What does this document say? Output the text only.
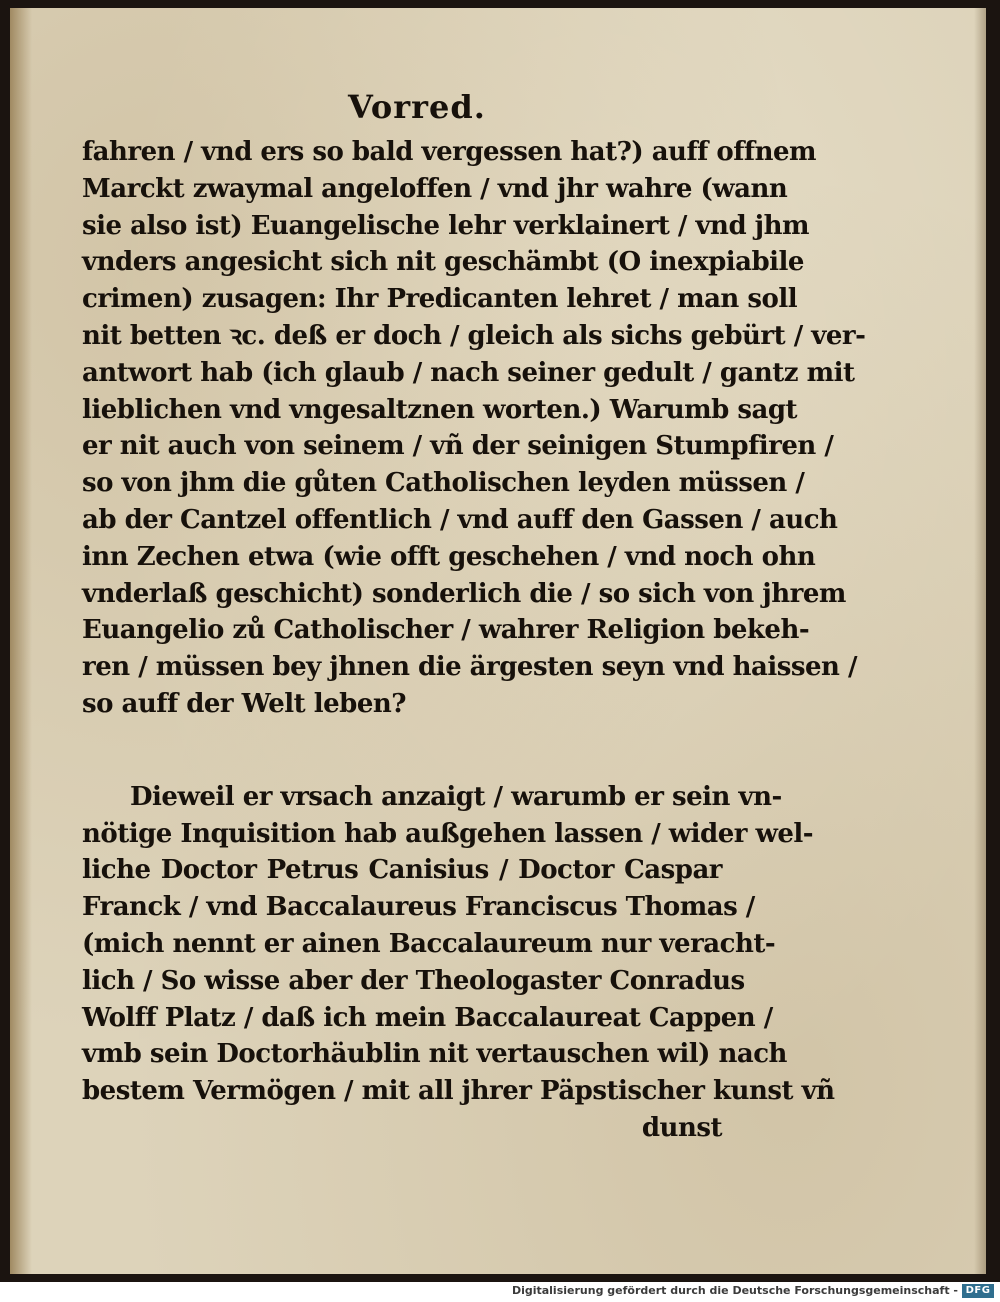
Vorred.
fahren / vnd ers so bald vergessen hat?) auff offnem
Marckt zwaymal angeloffen / vnd jhr wahre (wann
sie also ist) Euangelische lehr verklainert / vnd jhm
vnders angesicht sich nit geschämbt (O inexpiabile
crimen) zusagen: Ihr Predicanten lehret / man soll
nit betten ꝛc. deß er doch / gleich als sichs gebürt / ver-
antwort hab (ich glaub / nach seiner gedult / gantz mit
lieblichen vnd vngesaltznen worten.) Warumb sagt
er nit auch von seinem / vñ der seinigen Stumpfiren /
so von jhm die gůten Catholischen leyden müssen /
ab der Cantzel offentlich / vnd auff den Gassen / auch
inn Zechen etwa (wie offt geschehen / vnd noch ohn
vnderlaß geschicht) sonderlich die / so sich von jhrem
Euangelio zů Catholischer / wahrer Religion bekeh-
ren / müssen bey jhnen die ärgesten seyn vnd haissen /
so auff der Welt leben?
Dieweil er vrsach anzaigt / warumb er sein vn-
nötige Inquisition hab außgehen lassen / wider wel-
liche Doctor Petrus Canisius / Doctor Caspar
Franck / vnd Baccalaureus Franciscus Thomas /
(mich nennt er ainen Baccalaureum nur veracht-
lich / So wisse aber der Theologaster Conradus
Wolff Platz / daß ich mein Baccalaureat Cappen /
vmb sein Doctorhäublin nit vertauschen wil) nach
bestem Vermögen / mit all jhrer Päpstischer kunst vñ
dunst
Digitalisierung gefördert durch die Deutsche Forschungsgemeinschaft - DFG
